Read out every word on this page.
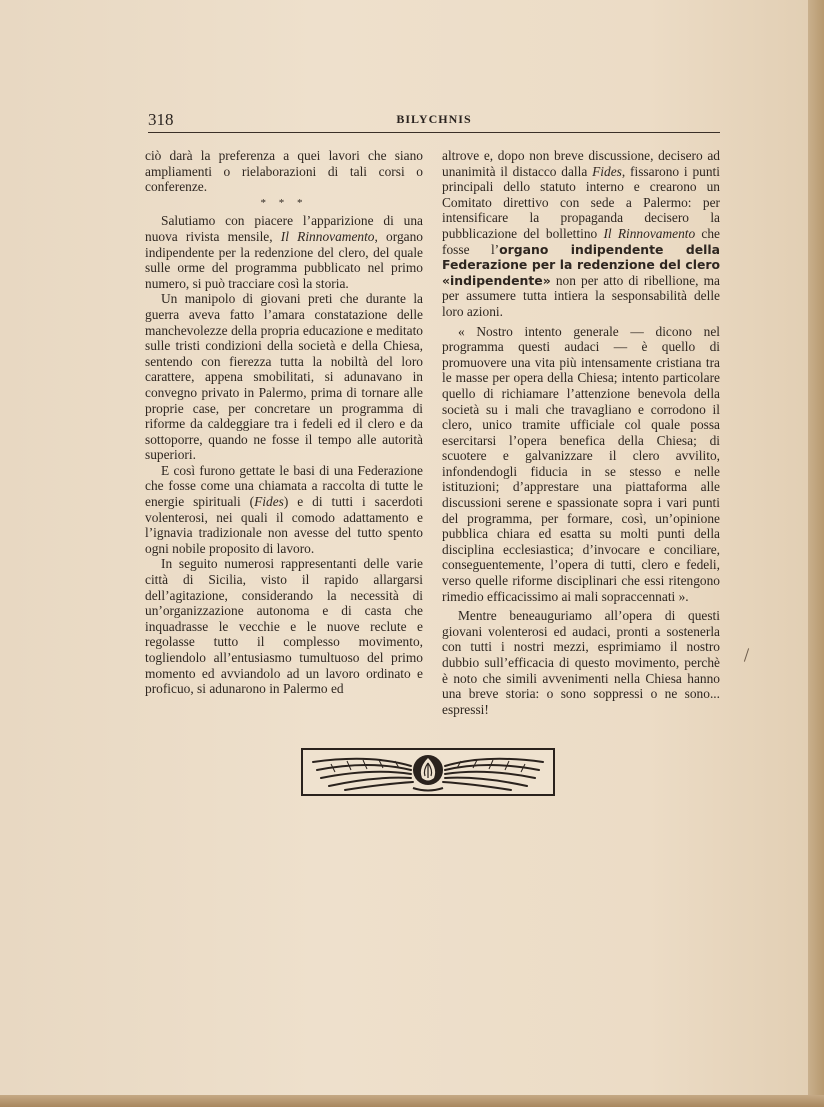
318	BILYCHNIS

ciò darà la preferenza a quei lavori che siano ampliamenti o rielaborazioni di tali corsi o conferenze.

* * *

Salutiamo con piacere l’apparizione di una nuova rivista mensile, Il Rinnovamento, organo indipendente per la redenzione del clero, del quale sulle orme del programma pubblicato nel primo numero, si può tracciare così la storia.

Un manipolo di giovani preti che durante la guerra aveva fatto l’amara constatazione delle manchevolezze della propria educazione e meditato sulle tristi condizioni della società e della Chiesa, sentendo con fierezza tutta la nobiltà del loro carattere, appena smobilitati, si adunavano in convegno privato in Palermo, prima di tornare alle proprie case, per concretare un programma di riforme da caldeggiare tra i fedeli ed il clero e da sottoporre, quando ne fosse il tempo alle autorità superiori.

E così furono gettate le basi di una Federazione che fosse come una chiamata a raccolta di tutte le energie spirituali (Fides) e di tutti i sacerdoti volenterosi, nei quali il comodo adattamento e l’ignavia tradizionale non avesse del tutto spento ogni nobile proposito di lavoro.

In seguito numerosi rappresentanti delle varie città di Sicilia, visto il rapido allargarsi dell’agitazione, considerando la necessità di un’organizzazione autonoma e di casta che inquadrasse le vecchie e le nuove reclute e regolasse tutto il complesso movimento, togliendolo all’entusiasmo tumultuoso del primo momento ed avviandolo ad un lavoro ordinato e proficuo, si adunarono in Palermo ed

altrove e, dopo non breve discussione, decisero ad unanimità il distacco dalla Fides, fissarono i punti principali dello statuto interno e crearono un Comitato direttivo con sede a Palermo: per intensificare la propaganda decisero la pubblicazione del bollettino Il Rinnovamento che fosse l’organo indipendente della Federazione per la redenzione del clero «indipendente» non per atto di ribellione, ma per assumere tutta intiera la sesponsabilità delle loro azioni.

« Nostro intento generale — dicono nel programma questi audaci — è quello di promuovere una vita più intensamente cristiana tra le masse per opera della Chiesa; intento particolare quello di richiamare l’attenzione benevola della società su i mali che travagliano e corrodono il clero, unico tramite ufficiale col quale possa esercitarsi l’opera benefica della Chiesa; di scuotere e galvanizzare il clero avvilito, infondendogli fiducia in se stesso e nelle istituzioni; d’apprestare una piattaforma alle discussioni serene e spassionate sopra i vari punti del programma, per formare, così, un’opinione pubblica chiara ed esatta su molti punti della disciplina ecclesiastica; d’invocare e conciliare, conseguentemente, l’opera di tutti, clero e fedeli, verso quelle riforme disciplinari che essi ritengono rimedio efficacissimo ai mali sopraccennati ».

Mentre beneauguriamo all’opera di questi giovani volenterosi ed audaci, pronti a sostenerla con tutti i nostri mezzi, esprimiamo il nostro dubbio sull’efficacia di questo movimento, perchè è noto che simili avvenimenti nella Chiesa hanno una breve storia: o sono soppressi o ne sono... espressi!
